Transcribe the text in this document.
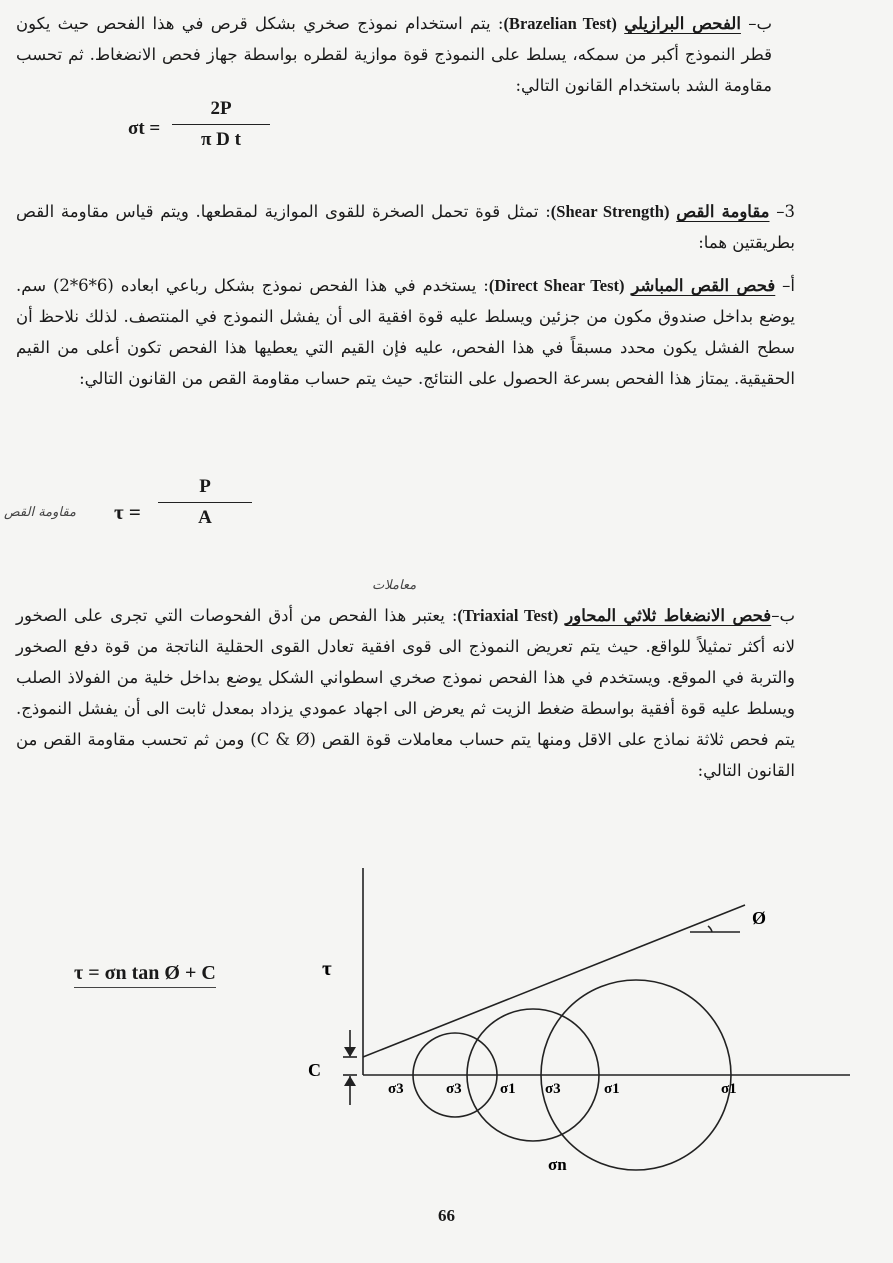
ب– الفحص البرازيلي (Brazelian Test): يتم استخدام نموذج صخري بشكل قرص في هذا الفحص حيث يكون قطر النموذج أكبر من سمكه، يسلط على النموذج قوة موازية لقطره بواسطة جهاز فحص الانضغاط. ثم تحسب مقاومة الشد باستخدام القانون التالي:

σt =
2P
π D t

3– مقاومة القص (Shear Strength): تمثل قوة تحمل الصخرة للقوى الموازية لمقطعها. ويتم قياس مقاومة القص بطريقتين هما:

أ– فحص القص المباشر (Direct Shear Test): يستخدم في هذا الفحص نموذج بشكل رباعي ابعاده (6*6*2) سم. يوضع بداخل صندوق مكون من جزئين ويسلط عليه قوة افقية الى أن يفشل النموذج في المنتصف. لذلك نلاحظ أن سطح الفشل يكون محدد مسبقاً في هذا الفحص، عليه فإن القيم التي يعطيها هذا الفحص تكون أعلى من القيم الحقيقية. يمتاز هذا الفحص بسرعة الحصول على النتائج. حيث يتم حساب مقاومة القص من القانون التالي:

مقاومة القص τ =
P
A
معاملات

ب–فحص الانضغاط ثلاثي المحاور (Triaxial Test): يعتبر هذا الفحص من أدق الفحوصات التي تجرى على الصخور لانه أكثر تمثيلاً للواقع. حيث يتم تعريض النموذج الى قوى افقية تعادل القوى الحقلية الناتجة من قوة دفع الصخور والتربة في الموقع. ويستخدم في هذا الفحص نموذج صخري اسطواني الشكل يوضع بداخل خلية من الفولاذ الصلب ويسلط عليه قوة أفقية بواسطة ضغط الزيت ثم يعرض الى اجهاد عمودي يزداد بمعدل ثابت الى أن يفشل النموذج. يتم فحص ثلاثة نماذج على الاقل ومنها يتم حساب معاملات قوة القص (C & Ø) ومن ثم تحسب مقاومة القص من القانون التالي:

τ = σn tan Ø + C	τ
Ø
C
σn
σ3	σ3	σ1 σ3	σ1	σ1
66
